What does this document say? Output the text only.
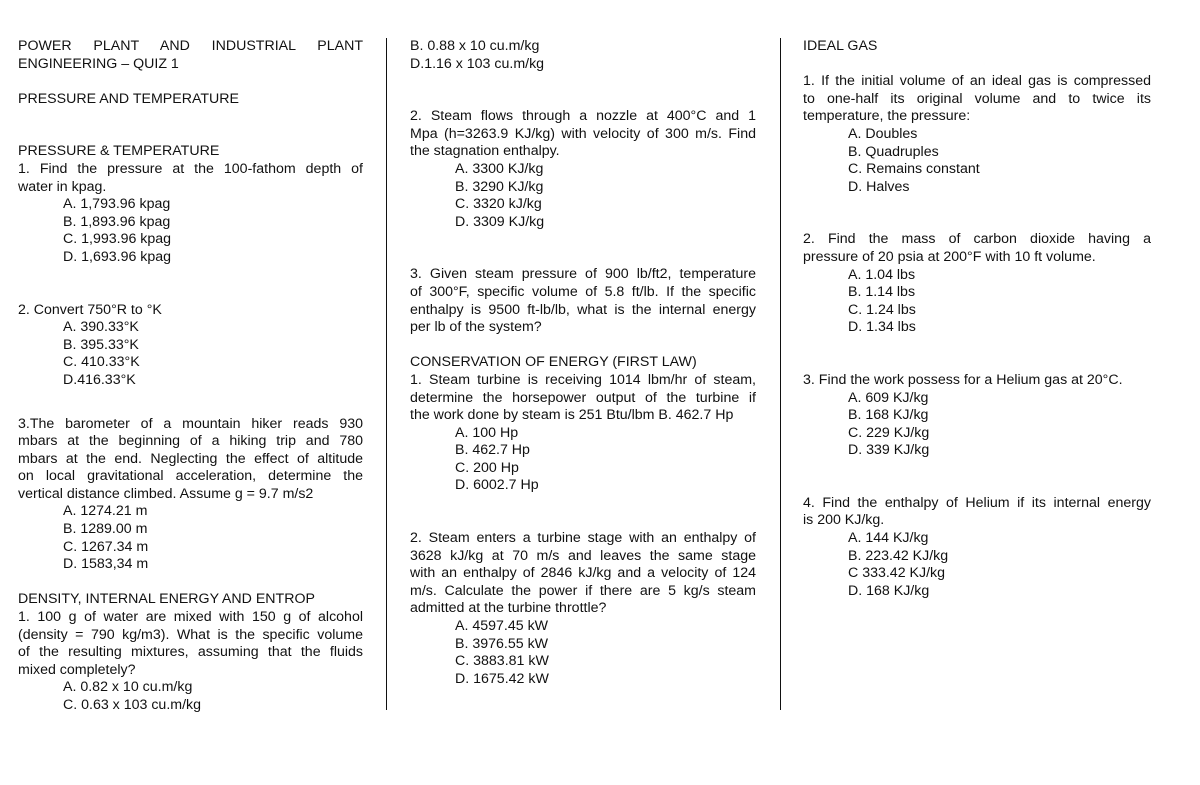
POWER PLANT AND INDUSTRIAL PLANT
ENGINEERING – QUIZ 1
PRESSURE AND TEMPERATURE
PRESSURE & TEMPERATURE
1. Find the pressure at the 100-fathom depth of
water in kpag.
A. 1,793.96 kpag
B. 1,893.96 kpag
C. 1,993.96 kpag
D. 1,693.96 kpag
2. Convert 750°R to °K
A. 390.33°K
B. 395.33°K
C. 410.33°K
D.416.33°K
3.The barometer of a mountain hiker reads 930
mbars at the beginning of a hiking trip and 780
mbars at the end. Neglecting the effect of altitude
on local gravitational acceleration, determine the
vertical distance climbed. Assume g = 9.7 m/s2
A. 1274.21 m
B. 1289.00 m
C. 1267.34 m
D. 1583,34 m
DENSITY, INTERNAL ENERGY AND ENTROP
1. 100 g of water are mixed with 150 g of alcohol
(density = 790 kg/m3). What is the specific volume
of the resulting mixtures, assuming that the fluids
mixed completely?
A. 0.82 x 10 cu.m/kg
C. 0.63 x 103 cu.m/kg
B. 0.88 x 10 cu.m/kg
D.1.16 x 103 cu.m/kg
2. Steam flows through a nozzle at 400°C and 1
Mpa (h=3263.9 KJ/kg) with velocity of 300 m/s. Find
the stagnation enthalpy.
A. 3300 KJ/kg
B. 3290 KJ/kg
C. 3320 kJ/kg
D. 3309 KJ/kg
3. Given steam pressure of 900 lb/ft2, temperature
of 300°F, specific volume of 5.8 ft/lb. If the specific
enthalpy is 9500 ft-lb/lb, what is the internal energy
per lb of the system?
CONSERVATION OF ENERGY (FIRST LAW)
1. Steam turbine is receiving 1014 lbm/hr of steam,
determine the horsepower output of the turbine if
the work done by steam is 251 Btu/lbm B. 462.7 Hp
A. 100 Hp
B. 462.7 Hp
C. 200 Hp
D. 6002.7 Hp
2. Steam enters a turbine stage with an enthalpy of
3628 kJ/kg at 70 m/s and leaves the same stage
with an enthalpy of 2846 kJ/kg and a velocity of 124
m/s. Calculate the power if there are 5 kg/s steam
admitted at the turbine throttle?
A. 4597.45 kW
B. 3976.55 kW
C. 3883.81 kW
D. 1675.42 kW
IDEAL GAS
1. If the initial volume of an ideal gas is compressed
to one-half its original volume and to twice its
temperature, the pressure:
A. Doubles
B. Quadruples
C. Remains constant
D. Halves
2. Find the mass of carbon dioxide having a
pressure of 20 psia at 200°F with 10 ft volume.
A. 1.04 lbs
B. 1.14 lbs
C. 1.24 lbs
D. 1.34 lbs
3. Find the work possess for a Helium gas at 20°C.
A. 609 KJ/kg
B. 168 KJ/kg
C. 229 KJ/kg
D. 339 KJ/kg
4. Find the enthalpy of Helium if its internal energy
is 200 KJ/kg.
A. 144 KJ/kg
B. 223.42 KJ/kg
C 333.42 KJ/kg
D. 168 KJ/kg
